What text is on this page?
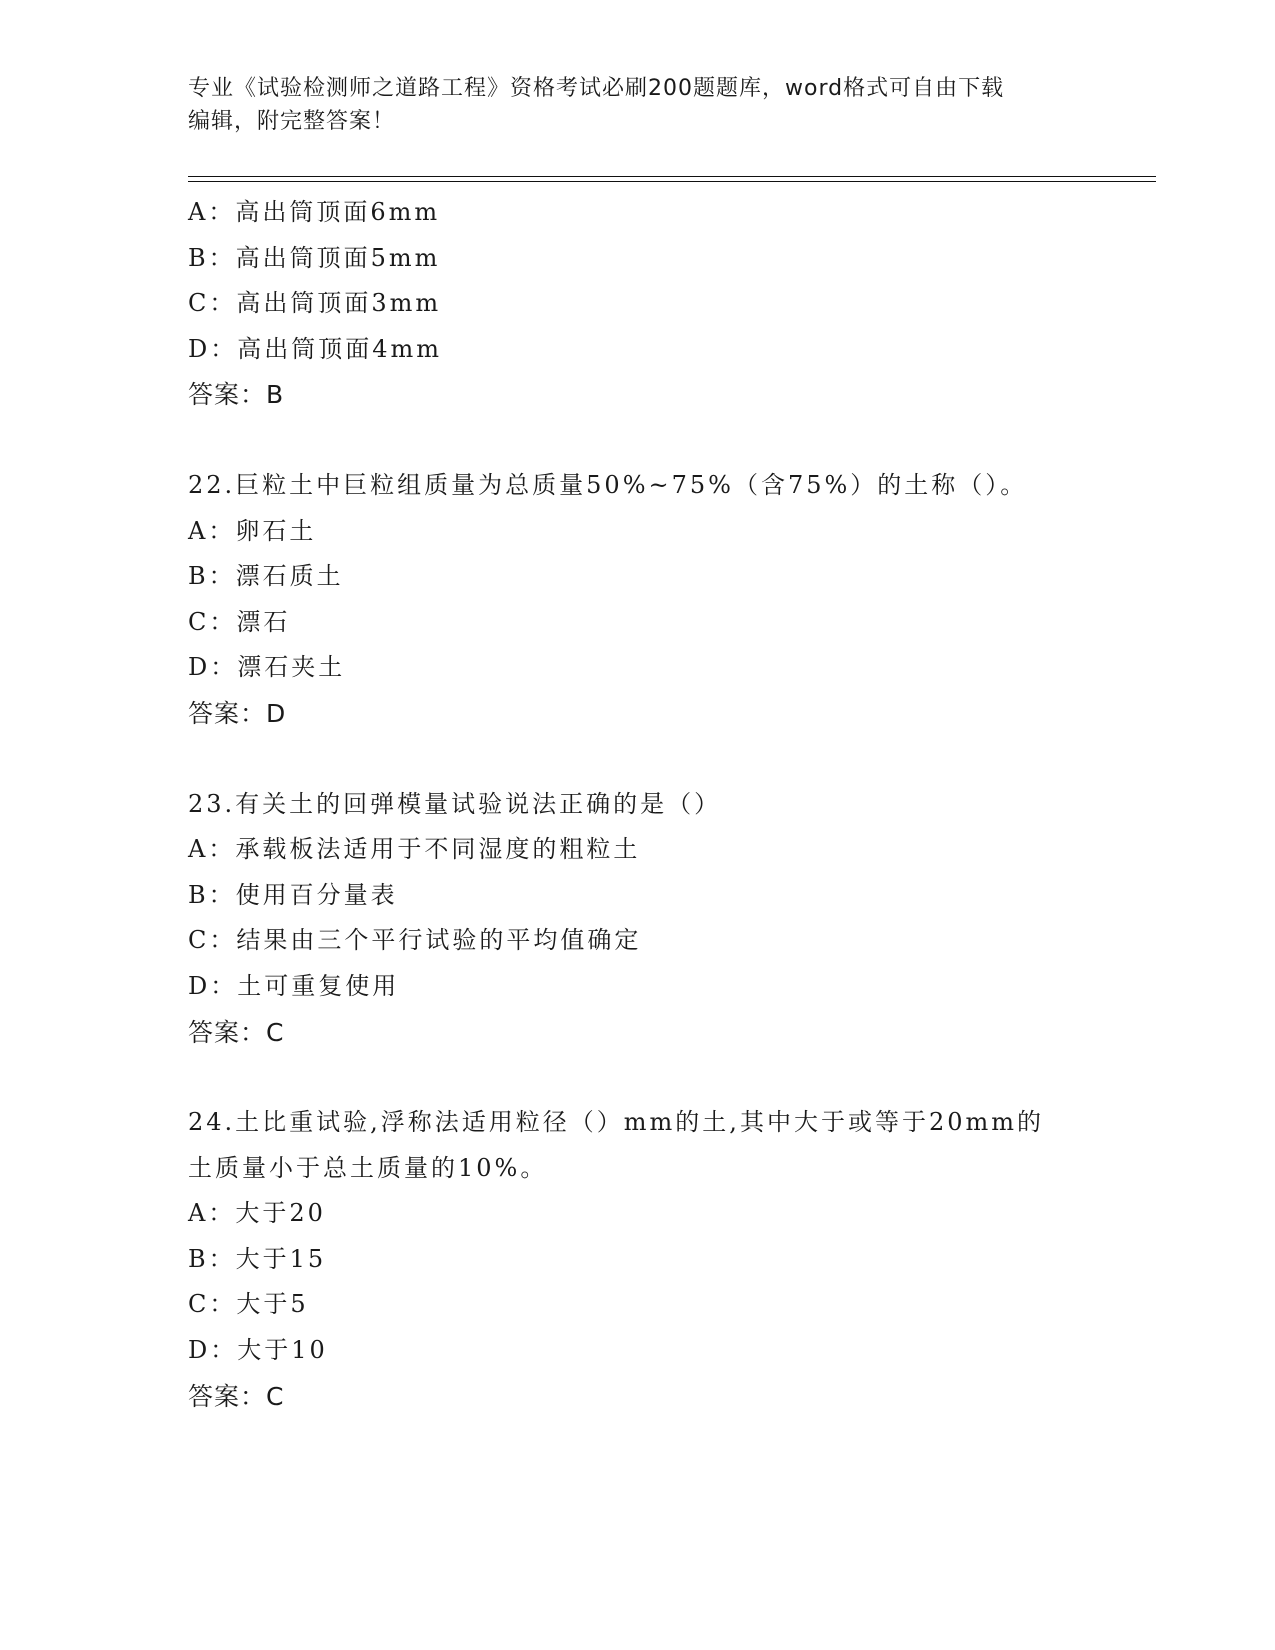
专业《试验检测师之道路工程》资格考试必刷200题题库，word格式可自由下载
编辑，附完整答案！
A：高出筒顶面6mm
B：高出筒顶面5mm
C：高出筒顶面3mm
D：高出筒顶面4mm
答案：B
22.巨粒土中巨粒组质量为总质量50%~75%（含75%）的土称（）。
A：卵石土
B：漂石质土
C：漂石
D：漂石夹土
答案：D
23.有关土的回弹模量试验说法正确的是（）
A：承载板法适用于不同湿度的粗粒土
B：使用百分量表
C：结果由三个平行试验的平均值确定
D：土可重复使用
答案：C
24.土比重试验,浮称法适用粒径（）mm的土,其中大于或等于20mm的
土质量小于总土质量的10%。
A：大于20
B：大于15
C：大于5
D：大于10
答案：C
